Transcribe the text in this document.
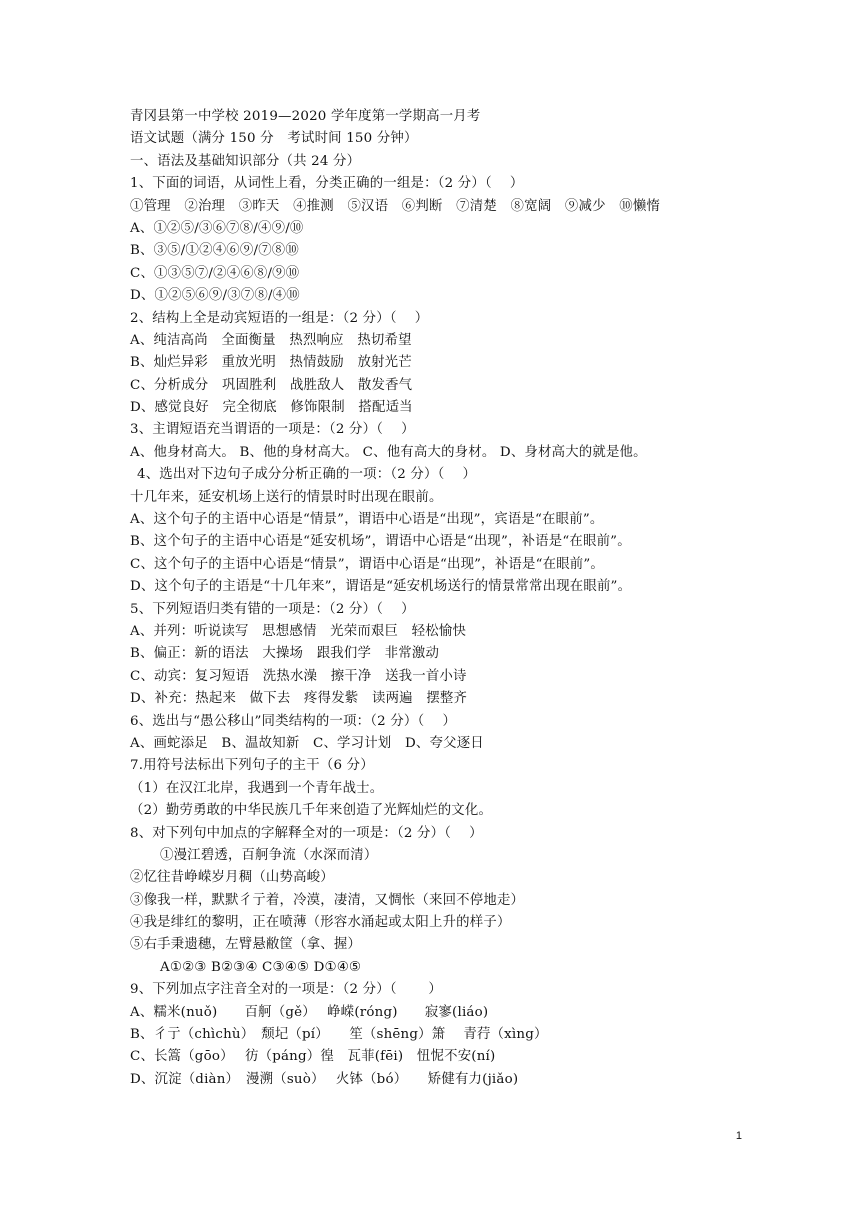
青冈县第一中学校 2019—2020 学年度第一学期高一月考
语文试题（满分 150 分　考试时间 150 分钟）
一、语法及基础知识部分（共 24 分）
1、下面的词语，从词性上看，分类正确的一组是：（2 分）（　 ）
①管理　②治理　③昨天　④推测　⑤汉语　⑥判断　⑦清楚　⑧宽阔　⑨减少　⑩懒惰
A、①②⑤/③⑥⑦⑧/④⑨/⑩
B、③⑤/①②④⑥⑨/⑦⑧⑩
C、①③⑤⑦/②④⑥⑧/⑨⑩
D、①②⑤⑥⑨/③⑦⑧/④⑩
2、结构上全是动宾短语的一组是：（2 分）（　 ）
A、纯洁高尚　全面衡量　热烈响应　热切希望
B、灿烂异彩　重放光明　热情鼓励　放射光芒
C、分析成分　巩固胜利　战胜敌人　散发香气
D、感觉良好　完全彻底　修饰限制　搭配适当
3、主谓短语充当谓语的一项是：（2 分）（　 ）
A、他身材高大。 B、他的身材高大。 C、他有高大的身材。 D、身材高大的就是他。
4、选出对下边句子成分分析正确的一项：（2 分）（　 ）
十几年来，延安机场上送行的情景时时出现在眼前。
A、这个句子的主语中心语是“情景”，谓语中心语是“出现”，宾语是“在眼前”。
B、这个句子的主语中心语是“延安机场”，谓语中心语是“出现”，补语是“在眼前”。
C、这个句子的主语中心语是“情景”，谓语中心语是“出现”，补语是“在眼前”。
D、这个句子的主语是“十几年来”，谓语是“延安机场送行的情景常常出现在眼前”。
5、下列短语归类有错的一项是：（2 分）（　 ）
A、并列：听说读写　思想感情　光荣而艰巨　轻松愉快
B、偏正：新的语法　大操场　跟我们学　非常激动
C、动宾：复习短语　洗热水澡　擦干净　送我一首小诗
D、补充：热起来　做下去　疼得发紫　读两遍　摆整齐
6、选出与“愚公移山”同类结构的一项：（2 分）（　 ）
A、画蛇添足　B、温故知新　C、学习计划　D、夸父逐日
7.用符号法标出下列句子的主干（6 分）
（1）在汉江北岸，我遇到一个青年战士。
（2）勤劳勇敢的中华民族几千年来创造了光辉灿烂的文化。
8、对下列句中加点的字解释全对的一项是：（2 分）（　 ）
①漫江碧透，百舸争流（水深而清）
②忆往昔峥嵘岁月稠（山势高峻）
③像我一样，默默彳亍着，冷漠，凄清，又惆怅（来回不停地走）
④我是绯红的黎明，正在喷薄（形容水涌起或太阳上升的样子）
⑤右手秉遗穗，左臂悬敝筐（拿、握）
A①②③ B②③④ C③④⑤ D①④⑤
9、下列加点字注音全对的一项是：（2 分）（　　 ）
A、糯米(nuǒ)　　百舸（gě）　 峥嵘(róng)　　寂寥(liáo)
B、彳亍（chìchù）　颓圮（pí）　　笙（shēng）箫　 青荇（xìng）
C、长篙（gōo）　 彷（páng）徨　瓦菲(fēi)　忸怩不安(ní)
D、沉淀（diàn）　漫溯（suò）　 火钵（bó）　　矫健有力(jiǎo)
1
